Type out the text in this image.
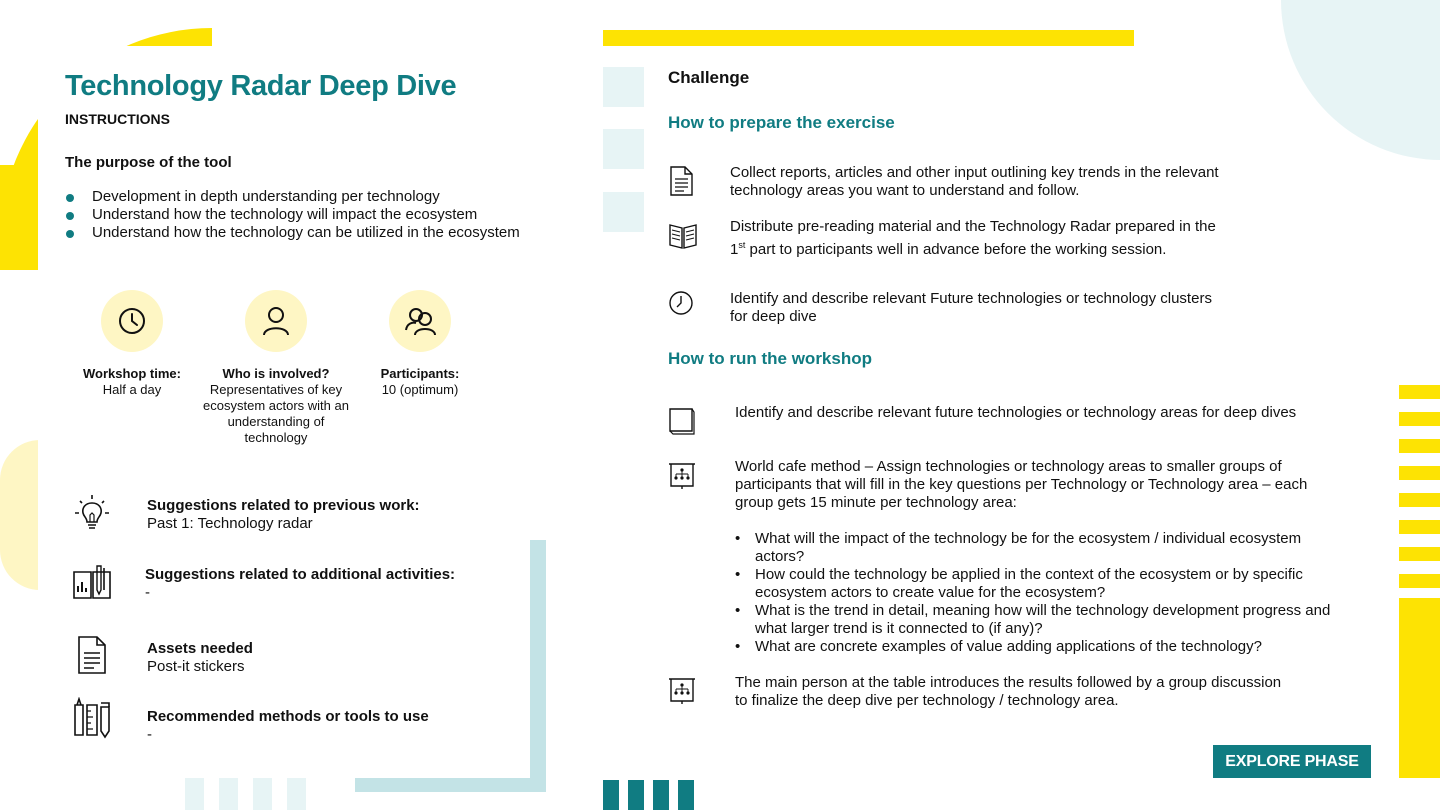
Technology Radar Deep Dive
INSTRUCTIONS
The purpose of the tool
Development in depth understanding per technology
Understand how the technology will impact the ecosystem
Understand how the technology can be utilized in the ecosystem
Workshop time:
Half a day
Who is involved?
Representatives of key ecosystem actors with an understanding of technology
Participants:
10 (optimum)
Suggestions related to previous work:
Past 1: Technology radar
Suggestions related to additional activities:
-
Assets needed
Post-it stickers
Recommended methods or tools to use
-
Challenge
How to prepare the exercise
Collect reports, articles and other input outlining key trends in the relevant technology areas you want to understand and follow.
Distribute pre-reading material and the Technology Radar prepared in the 1st part to participants well in advance before the working session.
Identify and describe relevant Future technologies or technology clusters for deep dive
How to run the workshop
Identify and describe relevant future technologies or technology areas for deep dives
World cafe method – Assign technologies or technology areas to smaller groups of participants that will fill in the key questions per Technology or Technology area – each group gets 15 minute per technology area:
• What will the impact of the technology be for the ecosystem / individual ecosystem actors?
• How could the technology be applied in the context of the ecosystem or by specific ecosystem actors to create value for the ecosystem?
• What is the trend in detail, meaning how will the technology development progress and what larger trend is it connected to (if any)?
• What are concrete examples of value adding applications of the technology?
The main person at the table introduces the results followed by a group discussion to finalize the deep dive per technology / technology area.
EXPLORE PHASE
